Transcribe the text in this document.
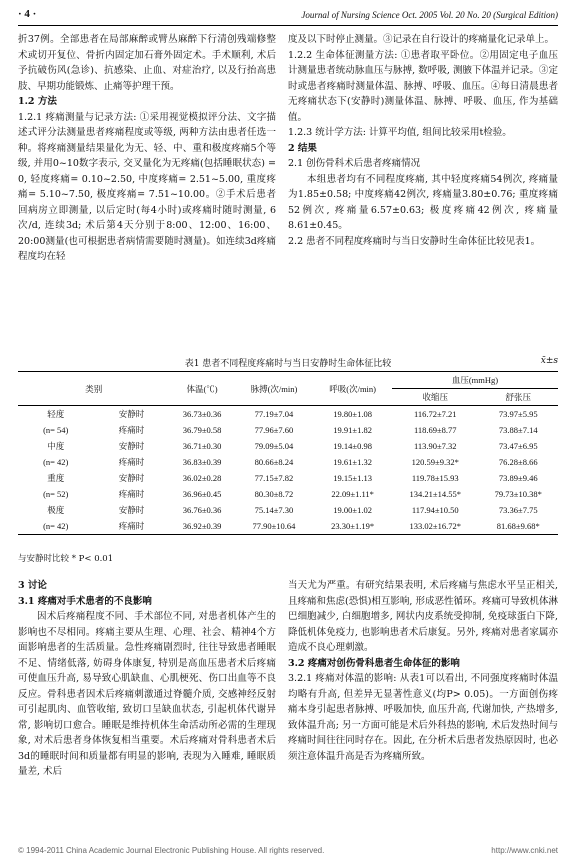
· 4 ·	Journal of Nursing Science Oct. 2005 Vol. 20 No. 20 (Surgical Edition)

折37例。全部患者在局部麻醉或臂丛麻醉下行清创残端修整术或切开复位、骨折内固定加石膏外固定术。手术顺利, 术后予抗破伤风(急诊)、抗感染、止血、对症治疗, 以及行抬高患肢、早期功能锻炼、止痛等护理干预。

1.2 方法

1.2.1 疼痛测量与记录方法: ①采用视觉模拟评分法、文字描述式评分法测量患者疼痛程度或等级, 两种方法由患者任选一种。将疼痛测量结果量化为无、轻、中、重和极度疼痛5个等级, 并用0~10数字表示, 交叉量化为无疼痛(包括睡眠状态) = 0, 轻度疼痛= 0.10~2.50, 中度疼痛= 2.51~5.00, 重度疼痛= 5.10~7.50, 极度疼痛= 7.51~10.00。②手术后患者回病房立即测量, 以后定时(每4小时)或疼痛时随时测量, 6次/d, 连续3d; 术后第4天分别于8:00、12:00、16:00、20:00测量(也可根据患者病情需要随时测量)。如连续3d疼痛程度均在轻

度及以下时停止测量。③记录在自行设计的疼痛量化记录单上。

1.2.2 生命体征测量方法: ①患者取平卧位。②用固定电子血压计测量患者统动脉血压与脉搏, 数呼吸, 测腋下体温并记录。③定时或患者疼痛时测量体温、脉搏、呼吸、血压。④每日清晨患者无疼痛状态下(安静时)测量体温、脉搏、呼吸、血压, 作为基础值。

1.2.3 统计学方法: 计算平均值, 组间比较采用t检验。

2 结果

2.1 创伤骨科术后患者疼痛情况

本组患者均有不同程度疼痛, 其中轻度疼痛54例次, 疼痛量为1.85±0.58; 中度疼痛42例次, 疼痛量3.80±0.76; 重度疼痛52例次, 疼痛量6.57±0.63; 极度疼痛42例次, 疼痛量8.61±0.45。

2.2 患者不同程度疼痛时与当日安静时生命体征比较见表1。

表1 患者不同程度疼痛时与当日安静时生命体征比较	x̄±s
类别		体温(℃)	脉搏(次/min)	呼吸(次/min)	血压(mmHg)	
					收缩压	舒张压
轻度	安静时	36.73±0.36	77.19±7.04	19.80±1.08	116.72±7.21	73.97±5.95
(n= 54)	疼痛时	36.79±0.58	77.96±7.60	19.91±1.82	118.69±8.77	73.88±7.14
中度	安静时	36.71±0.30	79.09±5.04	19.14±0.98	113.90±7.32	73.47±6.95
(n= 42)	疼痛时	36.83±0.39	80.66±8.24	19.61±1.32	120.59±9.32*	76.28±8.66
重度	安静时	36.02±0.28	77.15±7.82	19.15±1.13	119.78±15.93	73.89±9.46
(n= 52)	疼痛时	36.96±0.45	80.30±8.72	22.09±1.11*	134.21±14.55*	79.73±10.38*
极度	安静时	36.76±0.36	75.14±7.30	19.00±1.02	117.94±10.50	73.36±7.75
(n= 42)	疼痛时	36.92±0.39	77.90±10.64	23.30±1.19*	133.02±16.72*	81.68±9.68*
与安静时比较 * P< 0.01

3 讨论

3.1 疼痛对手术患者的不良影响

因术后疼痛程度不同、手术部位不同, 对患者机体产生的影响也不尽相同。疼痛主要从生理、心理、社会、精神4个方面影响患者的生活质量。急性疼痛剧烈时, 往往导致患者睡眠不足、情绪低落, 妨碍身体康复, 特别是高血压患者术后疼痛可使血压升高, 易导致心肌缺血、心肌梗死、伤口出血等不良反应。骨科患者因术后疼痛刺激通过脊髓介质, 交感神经反射可引起肌肉、血管收缩, 致切口呈缺血状态, 引起机体代谢异常, 影响切口愈合。睡眠是维持机体生命活动所必需的生理现象, 对术后患者身体恢复相当重要。术后疼痛对骨科患者术后3d的睡眠时间和质量都有明显的影响, 表现为入睡难, 睡眠质量差, 术后

当天尤为严重。有研究结果表明, 术后疼痛与焦虑水平呈正相关, 且疼痛和焦虑(恐惧)相互影响, 形成恶性循环。疼痛可导致机体淋巴细胞减少, 白细胞增多, 网状内皮系统受抑制, 免疫球蛋白下降, 降低机体免疫力, 也影响患者术后康复。另外, 疼痛对患者家属亦造成不良心理刺激。

3.2 疼痛对创伤骨科患者生命体征的影响

3.2.1 疼痛对体温的影响: 从表1可以看出, 不同强度疼痛时体温均略有升高, 但差异无显著性意义(均P> 0.05)。一方面创伤疼痛本身引起患者脉搏、呼吸加快, 血压升高, 代谢加快, 产热增多, 致体温升高; 另一方面可能是术后外科热的影响, 术后发热时间与疼痛时间往往同时存在。因此, 在分析术后患者发热原因时, 也必须注意体温升高是否为疼痛所致。

© 1994-2011 China Academic Journal Electronic Publishing House. All rights reserved.	http://www.cnki.net
